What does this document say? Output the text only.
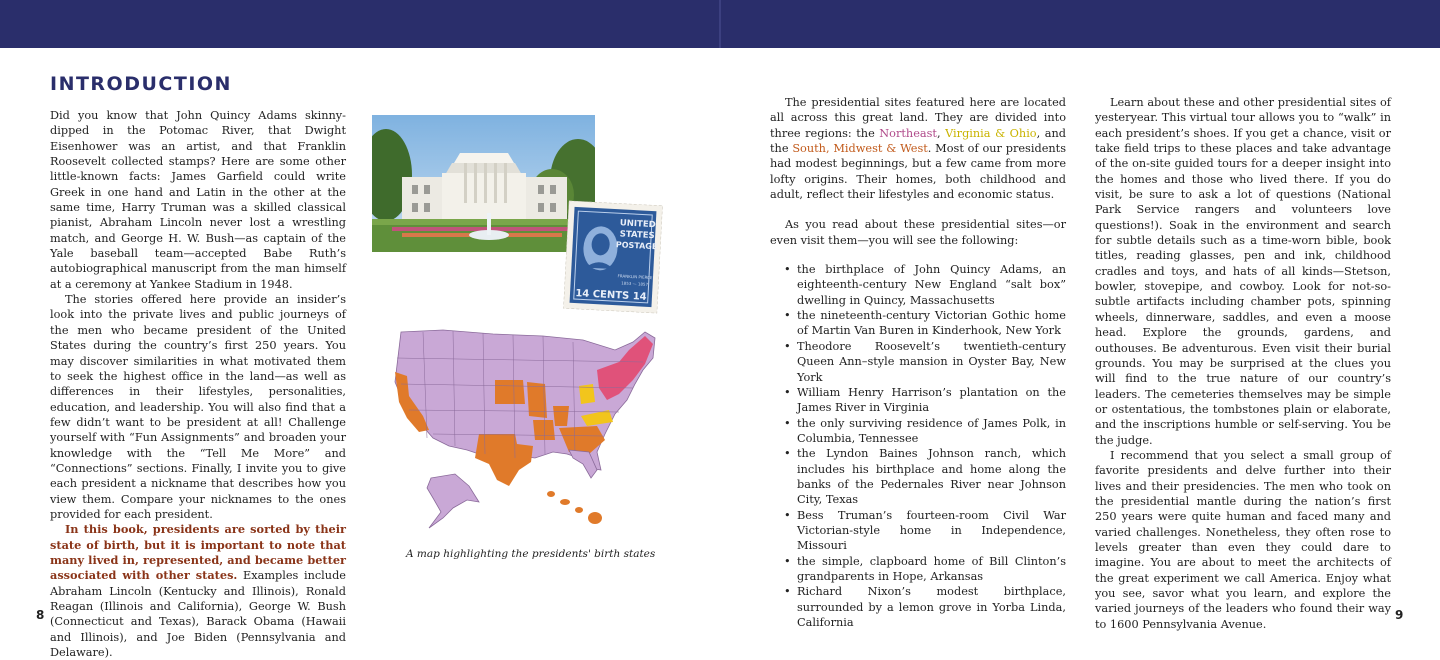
INTRODUCTION

Did you know that John Quincy Adams skinny-dipped in the Potomac River, that Dwight Eisenhower was an artist, and that Franklin Roosevelt collected stamps? Here are some other little-known facts: James Garfield could write Greek in one hand and Latin in the other at the same time, Harry Truman was a skilled classical pianist, Abraham Lincoln never lost a wrestling match, and George H. W. Bush—as captain of the Yale baseball team—accepted Babe Ruth’s autobiographical manuscript from the man himself at a ceremony at Yankee Stadium in 1948.

The stories offered here provide an insider’s look into the private lives and public journeys of the men who became president of the United States during the country’s first 250 years. You may discover similarities in what motivated them to seek the highest office in the land—as well as differences in their lifestyles, personalities, education, and leadership. You will also find that a few didn’t want to be president at all! Challenge yourself with “Fun Assignments” and broaden your knowledge with the “Tell Me More” and “Connections” sections. Finally, I invite you to give each president a nickname that describes how you view them. Compare your nicknames to the ones provided for each president.

In this book, presidents are sorted by their state of birth, but it is important to note that many lived in, represented, and became better associated with other states. Examples include Abraham Lincoln (Kentucky and Illinois), Ronald Reagan (Illinois and California), George W. Bush (Connecticut and Texas), Barack Obama (Hawaii and Illinois), and Joe Biden (Pennsylvania and Delaware).

UNITED
STATES
POSTAGE
FRANKLIN PIERCE
1853 — 1857
14 CENTS 14
A map highlighting the presidents' birth states
8

The presidential sites featured here are located all across this great land. They are divided into three regions: the Northeast, Virginia & Ohio, and the South, Midwest & West. Most of our presidents had modest beginnings, but a few came from more lofty origins. Their homes, both childhood and adult, reflect their lifestyles and economic status.

As you read about these presidential sites—or even visit them—you will see the following:

• the birthplace of John Quincy Adams, an eighteenth-century New England “salt box” dwelling in Quincy, Massachusetts
• the nineteenth-century Victorian Gothic home of Martin Van Buren in Kinderhook, New York
• Theodore Roosevelt’s twentieth-century Queen Ann–style mansion in Oyster Bay, New York
• William Henry Harrison’s plantation on the James River in Virginia
• the only surviving residence of James Polk, in Columbia, Tennessee
• the Lyndon Baines Johnson ranch, which includes his birthplace and home along the banks of the Pedernales River near Johnson City, Texas
• Bess Truman’s fourteen-room Civil War Victorian-style home in Independence, Missouri
• the simple, clapboard home of Bill Clinton’s grandparents in Hope, Arkansas
• Richard Nixon’s modest birthplace, surrounded by a lemon grove in Yorba Linda, California

Learn about these and other presidential sites of yesteryear. This virtual tour allows you to “walk” in each president’s shoes. If you get a chance, visit or take field trips to these places and take advantage of the on-site guided tours for a deeper insight into the homes and those who lived there. If you do visit, be sure to ask a lot of questions (National Park Service rangers and volunteers love questions!). Soak in the environment and search for subtle details such as a time-worn bible, book titles, reading glasses, pen and ink, childhood cradles and toys, and hats of all kinds—Stetson, bowler, stovepipe, and cowboy. Look for not-so-subtle artifacts including chamber pots, spinning wheels, dinnerware, saddles, and even a moose head. Explore the grounds, gardens, and outhouses. Be adventurous. Even visit their burial grounds. You may be surprised at the clues you will find to the true nature of our country’s leaders. The cemeteries themselves may be simple or ostentatious, the tombstones plain or elaborate, and the inscriptions humble or self-serving. You be the judge.

I recommend that you select a small group of favorite presidents and delve further into their lives and their presidencies. The men who took on the presidential mantle during the nation’s first 250 years were quite human and faced many and varied challenges. Nonetheless, they often rose to levels greater than even they could dare to imagine. You are about to meet the architects of the great experiment we call America. Enjoy what you see, savor what you learn, and explore the varied journeys of the leaders who found their way to 1600 Pennsylvania Avenue.

9
